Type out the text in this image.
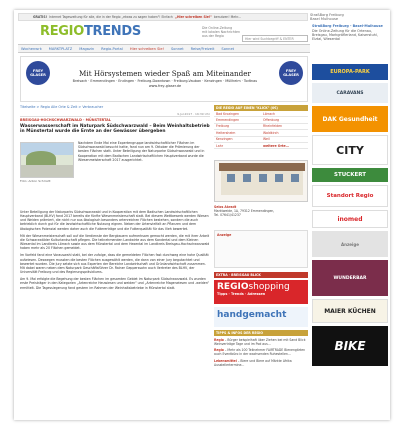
GRATIS! Internet Tageszeitung für alle, die in der Regio „etwas zu sagen haben"! Einfach „Hier schreiben Sie!" benutzen! Mehr...	StraßBorg Freiburg
Basel Mulhouse
REGIOTRENDS	Die Online-Zeitung
mit lokalen Nachrichten
aus der Regio
Hier wird Suchbegriff & ENTER
Wochenwrk MARKTPLATZ Magazin Regio-Portal Hier schreiben Sie! Sonnet Reise/Freizeit Sonnet
FREY GLASER	Mit Hörsystemen wieder Spaß am Miteinander
Breisach · Emmendingen · Endingen · Freiburg-Downtown · Freiburg-Vauban · Kenzingen · Müllheim · Todtnau
www.frey-glaser.de
FREY GLASER
Titelseite > Regio Alle Orte & Zeit > Verbraucher
9.Jul.2017 · 16:39 Uhr
BREISGAU-HOCHSCHWARZWALD · MÜNSTERTAL
Wasserwasserschaft im Naturpark Südschwarzwald – Beim Weinhaltsbetrieb in Münstertal wurde die Ernte an der Gewässer übergeben
Foto: Anton Schmidt
Nachdem Ende Mai eine Expertengruppe landwirtschaftlicher Flächen im Südschwarzwald besucht hatte, fand nun am 9. Oktober die Prämierung der besten Flächen statt. Unter Beteiligung der Naturparke Südschwarzwald und in Kooperation mit dem Badischen Landwirtschaftlichen Hauptverband wurde die Wiesenmeisterschaft 2017 ausgerichtet.

Unter Beteiligung der Naturparks Südschwarzwald und in Kooperation mit dem Badischen Landwirtschaftlichen Hauptverband (BLHV) fand 2017 bereits die fünfte Wiesenmeisterschaft statt. Bei diesem Wettbewerb werden Wiesen und Weiden prämiert, die nicht nur aus ökologisch besonders artenreichen Flächen bestehen, sondern die auch betrieblich durch gut für die landwirtschaftliche Nutzung eignen. Neben der Artenvielfalt an Pflanzen und dem ökologischen Potenzial werden daher auch die Futtererträge und die Futterqualität für das Vieh bewertet.

Mit der Wiesenmeisterschaft soll auf die Verdienste der Bergbauern aufmerksam gemacht werden, die mit ihrer Arbeit die Schwarzwälder Kulturlandschaft pflegen. Die teilnehmenden Landwirte aus dem Kandertal und dem Kleinen Wiesental im Landkreis Lörrach sowie aus dem Münstertal und dem Hexental im Landkreis Breisgau-Hochschwarzwald haben mehr als 20 Flächen gemeldet.

Im Vorfeld fand eine Vorauswahl statt, bei der zufolge, dass die gemeldeten Flächen fast durchweg eine hohe Qualität aufwiesen. Deswegen mussten die besten Flächen ausgewählt werden, die dann von einer Jury begutachtet und bewertet wurden. Die Jury setzte sich aus Experten der Bereiche Landwirtschaft und Grünlandwirtschaft zusammen. Mit dabei waren neben dem Naturpark Geschäftsführer Dr. Rainer Gepperssohn auch Vertreter des BLHV, der Universität Freiburg und des Regierungspräsidiums.

Am 9. Mai erfolgte die Begehung der besten Flächen im gesamten Gebiet im Naturpark Südschwarzwald. Es wurden erste Preisträger in den Kategorien „Artenreiche Heuwiesen und weiden“ und „Artenreiche Magerwiesen und -weiden“ ermittelt. Die Tagessiegerung fand gestern im Rahmen der Weinhaltsbetriebe in Münstertal statt.

DIE REGIO AUF EINEN "KLICK" (0€)
Bad Krozingen	Lörrach
Emmendingen	Offenburg
Freiburg	Rheinfelden
Heitersheim	Waldkirch
Kenzingen	Weil
Lahr	weitere Orte...
Selos Akradt
Marktweide, 1A, 79312 Emmendingen,
Tel. 07641/41237
Anzeige
EXTRA · BREISGAU BLICK
REGIOshopping
Tipps · Trends · Adressen
handgemacht
TIPPS & INFOS DER REGIO

Regio – Bürger beispielhaft über Ziehen bei mit Sand Blick Weinverträge Tage und im Pod aus...

Regio – Mehr als 100 Teilnehmer FAIRTRADE Bienengärten auch Eventbüro in der wachsenden Ruhestellen...

Lebensmittel – Biere und Biere auf Märkte Afrika Ausstellertermine...

StraßBorg Freiburg - Basel-Mulhouse
Die Online-Zeitung für die Ortenau, Breisgau, Markgräflerland, Kaiserstuhl, Elztal, Wiesental
EUROPA-PARK
CARAVANS
DAK Gesundheit
CITY
STUCKERT
Standort Regio
inomed
Anzeige
WUNDERBAR
MAIER KÜCHEN
BIKE
